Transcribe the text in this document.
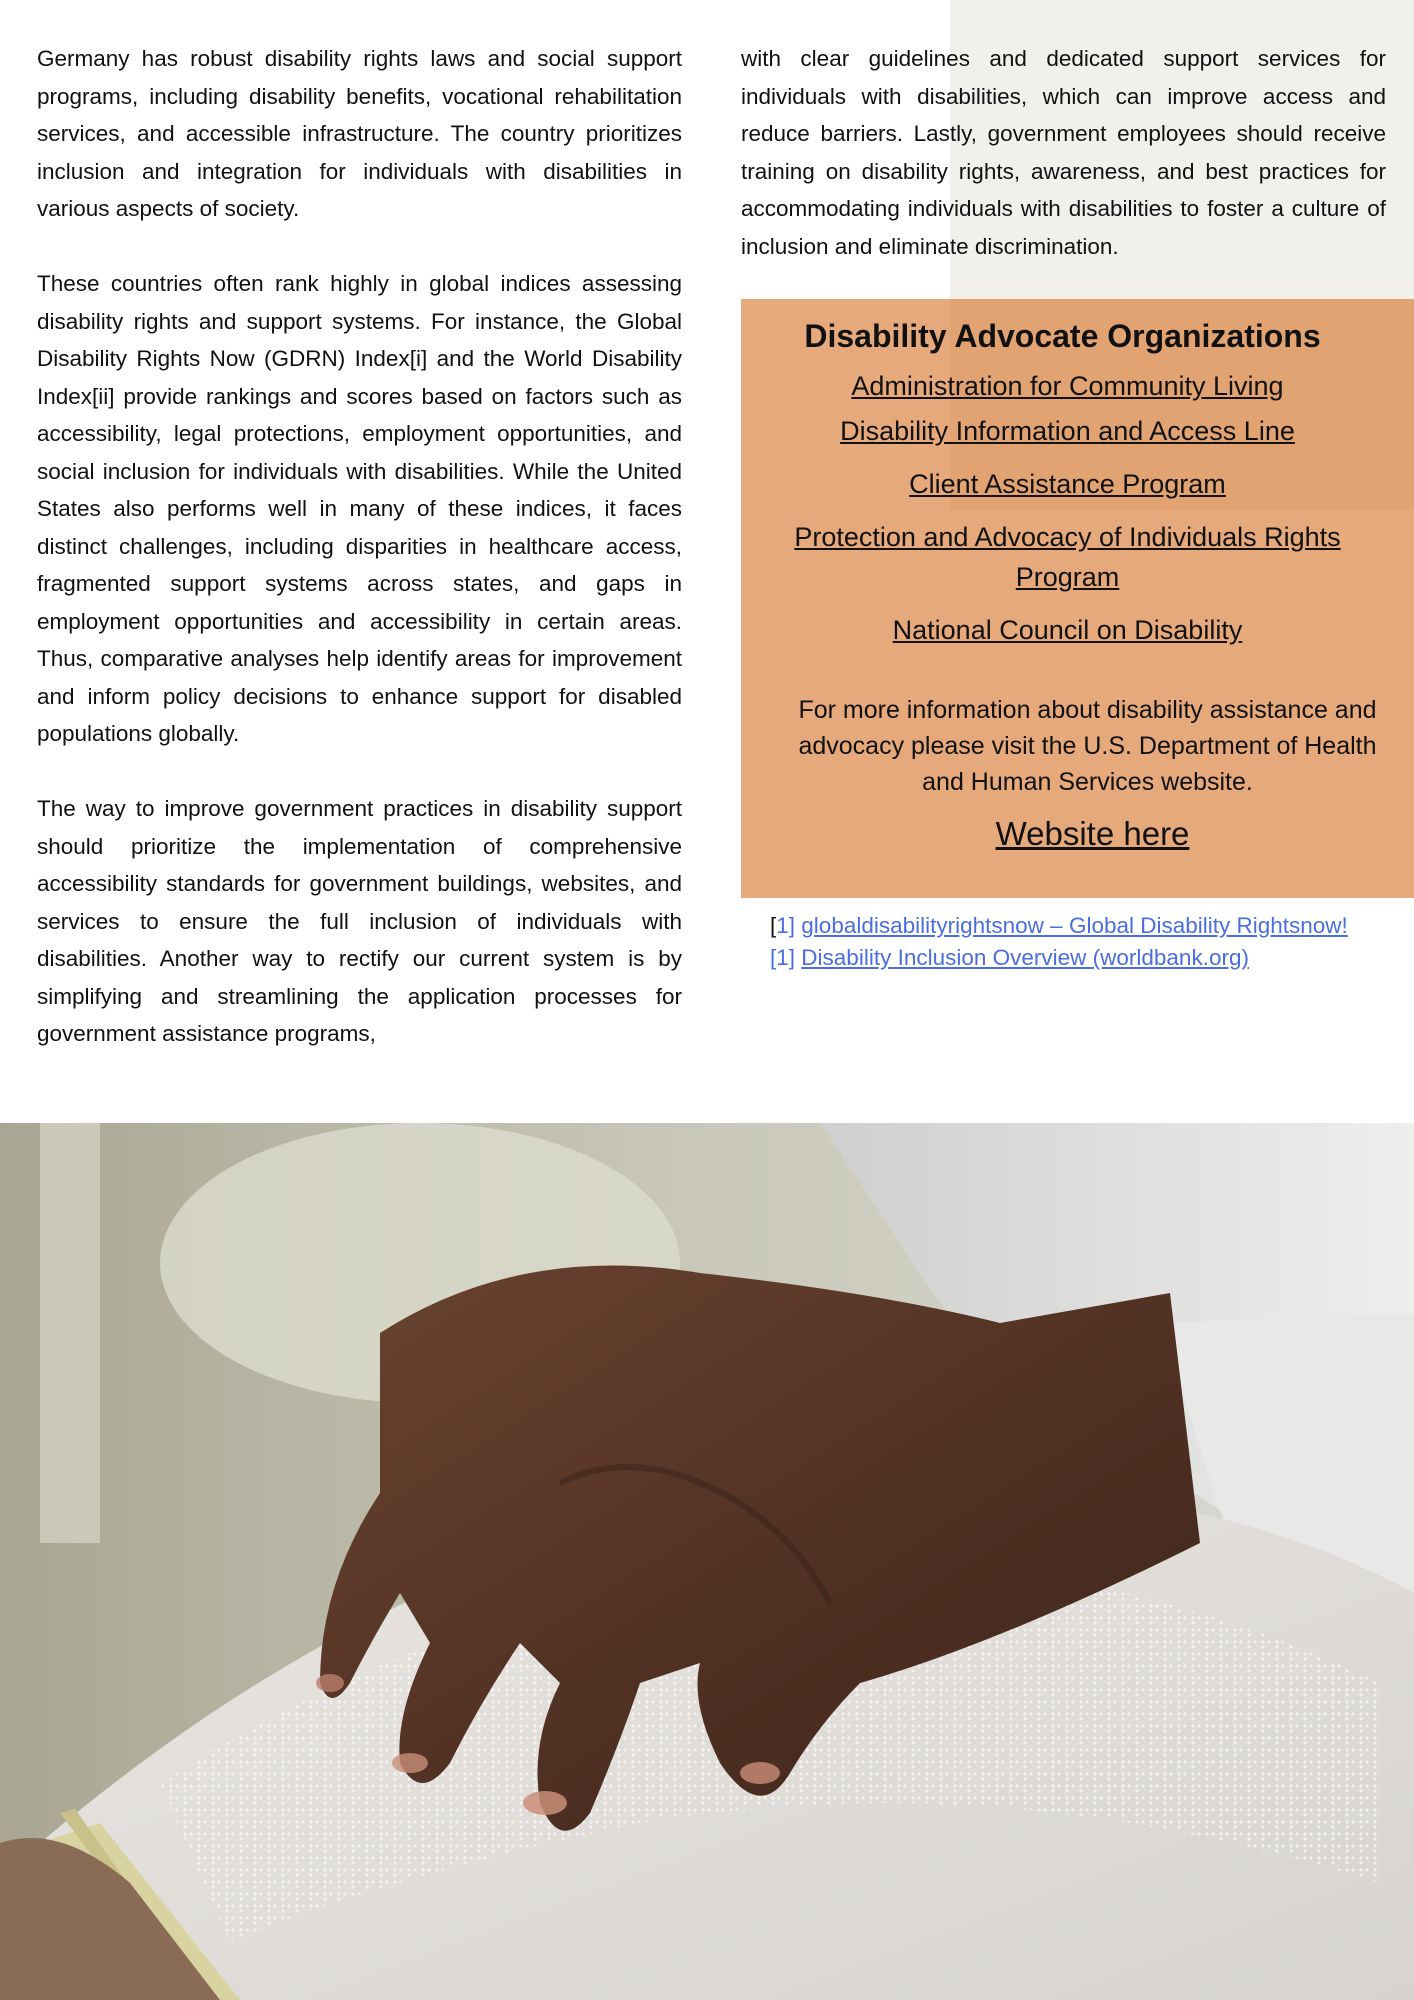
Germany has robust disability rights laws and social support programs, including disability benefits, vocational rehabilitation services, and accessible infrastructure. The country prioritizes inclusion and integration for individuals with disabilities in various aspects of society.

These countries often rank highly in global indices assessing disability rights and support systems. For instance, the Global Disability Rights Now (GDRN) Index[i] and the World Disability Index[ii] provide rankings and scores based on factors such as accessibility, legal protections, employment opportunities, and social inclusion for individuals with disabilities. While the United States also performs well in many of these indices, it faces distinct challenges, including disparities in healthcare access, fragmented support systems across states, and gaps in employment opportunities and accessibility in certain areas. Thus, comparative analyses help identify areas for improvement and inform policy decisions to enhance support for disabled populations globally.

The way to improve government practices in disability support should prioritize the implementation of comprehensive accessibility standards for government buildings, websites, and services to ensure the full inclusion of individuals with disabilities. Another way to rectify our current system is by simplifying and streamlining the application processes for government assistance programs,

with clear guidelines and dedicated support services for individuals with disabilities, which can improve access and reduce barriers. Lastly, government employees should receive training on disability rights, awareness, and best practices for accommodating individuals with disabilities to foster a culture of inclusion and eliminate discrimination.

Disability Advocate Organizations
Administration for Community Living
Disability Information and Access Line
Client Assistance Program
Protection and Advocacy of Individuals Rights Program
National Council on Disability
For more information about disability assistance and advocacy please visit the U.S. Department of Health and Human Services website.
Website here
[1] globaldisabilityrightsnow – Global Disability Rightsnow!
[1] Disability Inclusion Overview (worldbank.org)
